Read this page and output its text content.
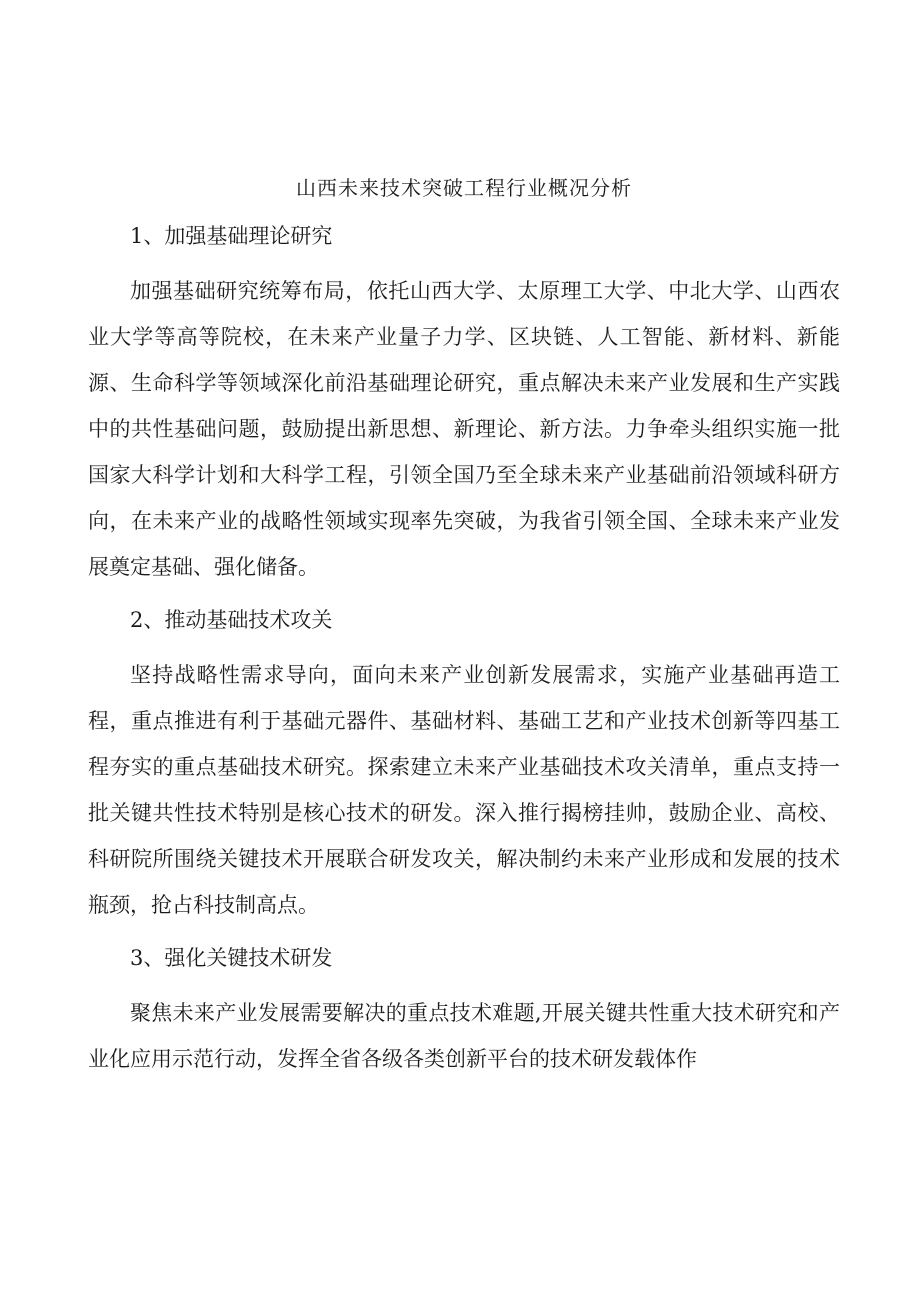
山西未来技术突破工程行业概况分析
1、加强基础理论研究
加强基础研究统筹布局，依托山西大学、太原理工大学、中北大学、山西农业大学等高等院校，在未来产业量子力学、区块链、人工智能、新材料、新能源、生命科学等领域深化前沿基础理论研究，重点解决未来产业发展和生产实践中的共性基础问题，鼓励提出新思想、新理论、新方法。力争牵头组织实施一批国家大科学计划和大科学工程，引领全国乃至全球未来产业基础前沿领域科研方向，在未来产业的战略性领域实现率先突破，为我省引领全国、全球未来产业发展奠定基础、强化储备。
2、推动基础技术攻关
坚持战略性需求导向，面向未来产业创新发展需求，实施产业基础再造工程，重点推进有利于基础元器件、基础材料、基础工艺和产业技术创新等四基工程夯实的重点基础技术研究。探索建立未来产业基础技术攻关清单，重点支持一批关键共性技术特别是核心技术的研发。深入推行揭榜挂帅，鼓励企业、高校、科研院所围绕关键技术开展联合研发攻关，解决制约未来产业形成和发展的技术瓶颈，抢占科技制高点。
3、强化关键技术研发
聚焦未来产业发展需要解决的重点技术难题,开展关键共性重大技术研究和产业化应用示范行动，发挥全省各级各类创新平台的技术研发载体作
